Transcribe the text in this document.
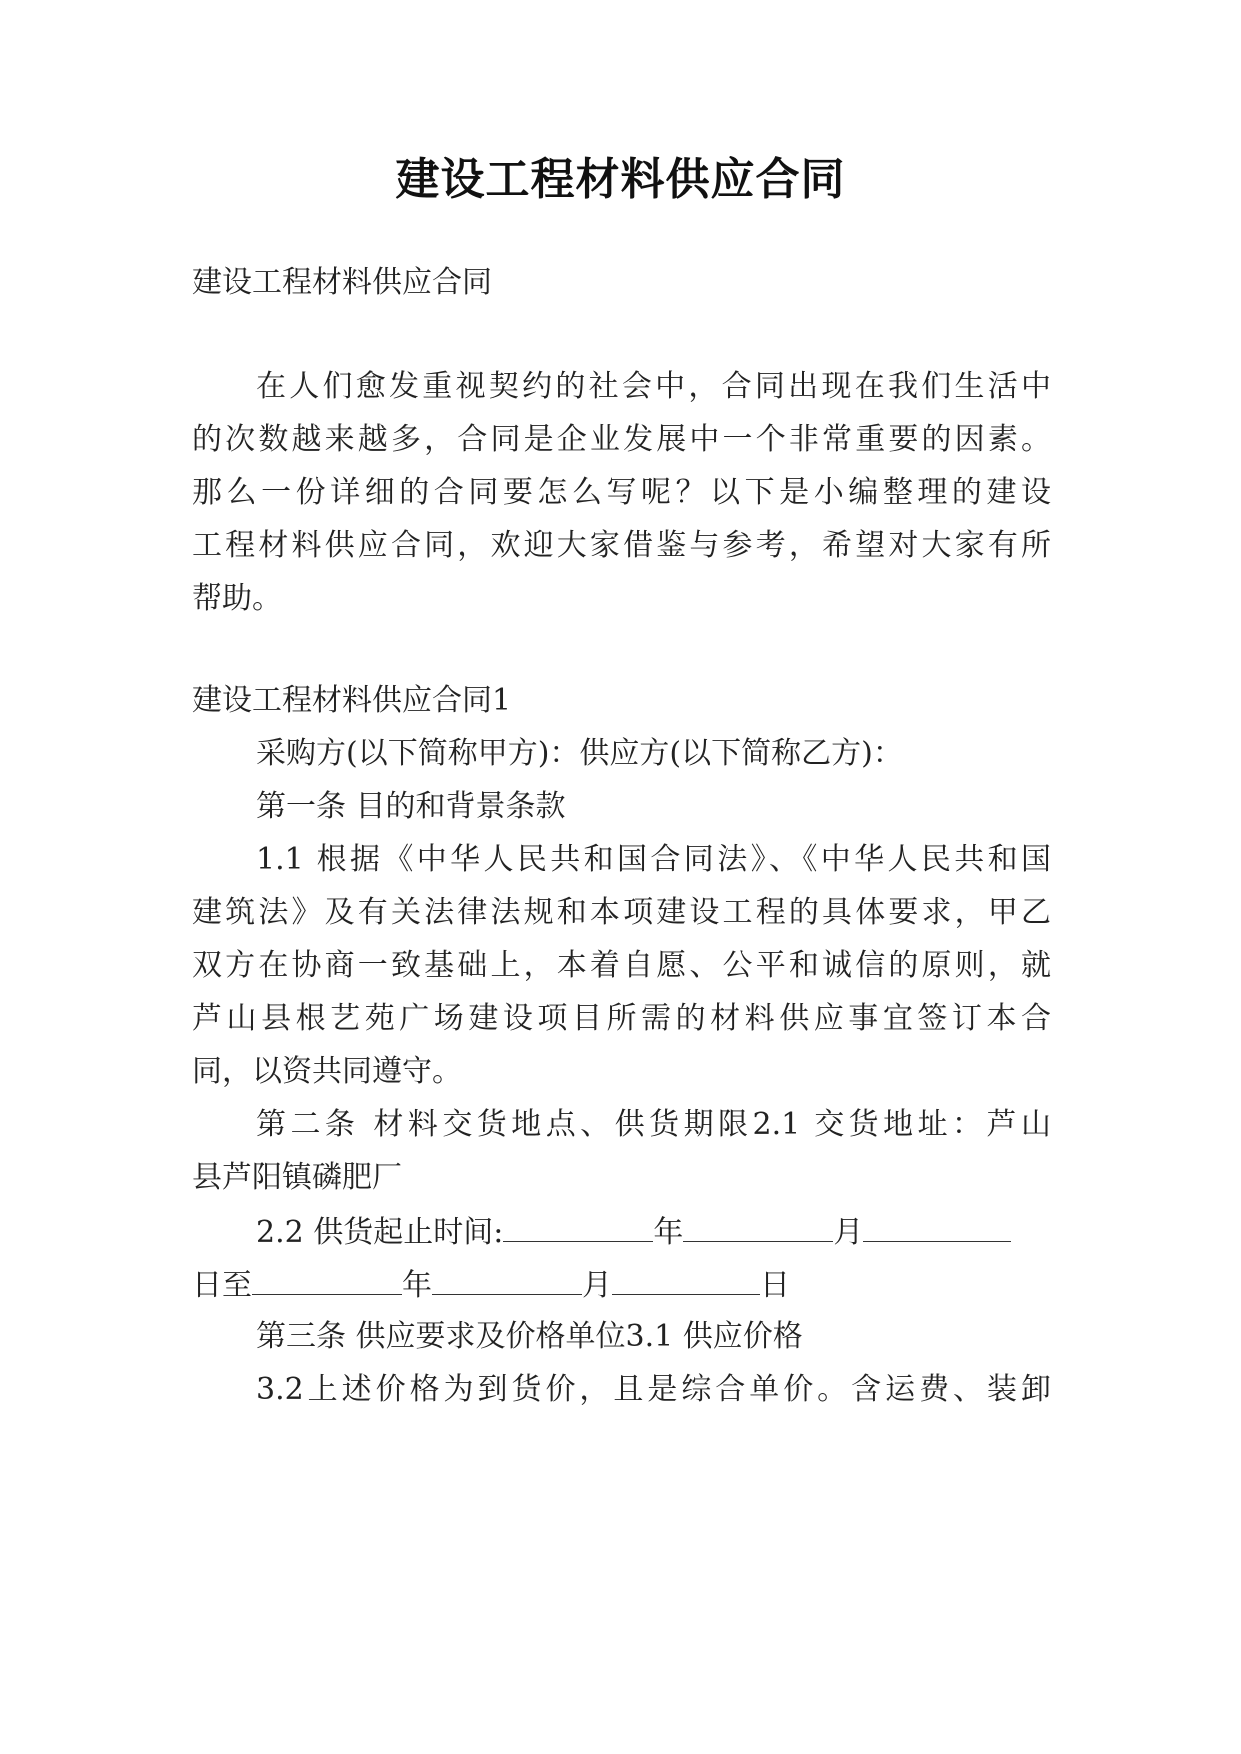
建设工程材料供应合同
建设工程材料供应合同
在人们愈发重视契约的社会中，合同出现在我们生活中
的次数越来越多，合同是企业发展中一个非常重要的因素。
那么一份详细的合同要怎么写呢？以下是小编整理的建设
工程材料供应合同，欢迎大家借鉴与参考，希望对大家有所
帮助。
建设工程材料供应合同1
采购方(以下简称甲方)：供应方(以下简称乙方)：
第一条 目的和背景条款
1.1 根据《中华人民共和国合同法》、《中华人民共和国
建筑法》及有关法律法规和本项建设工程的具体要求，甲乙
双方在协商一致基础上，本着自愿、公平和诚信的原则，就
芦山县根艺苑广场建设项目所需的材料供应事宜签订本合
同，以资共同遵守。
第二条 材料交货地点、供货期限2.1 交货地址：芦山
县芦阳镇磷肥厂
2.2 供货起止时间:	年	月
日至	年	月	日
第三条 供应要求及价格单位3.1 供应价格
3.2上述价格为到货价，且是综合单价。含运费、装卸
